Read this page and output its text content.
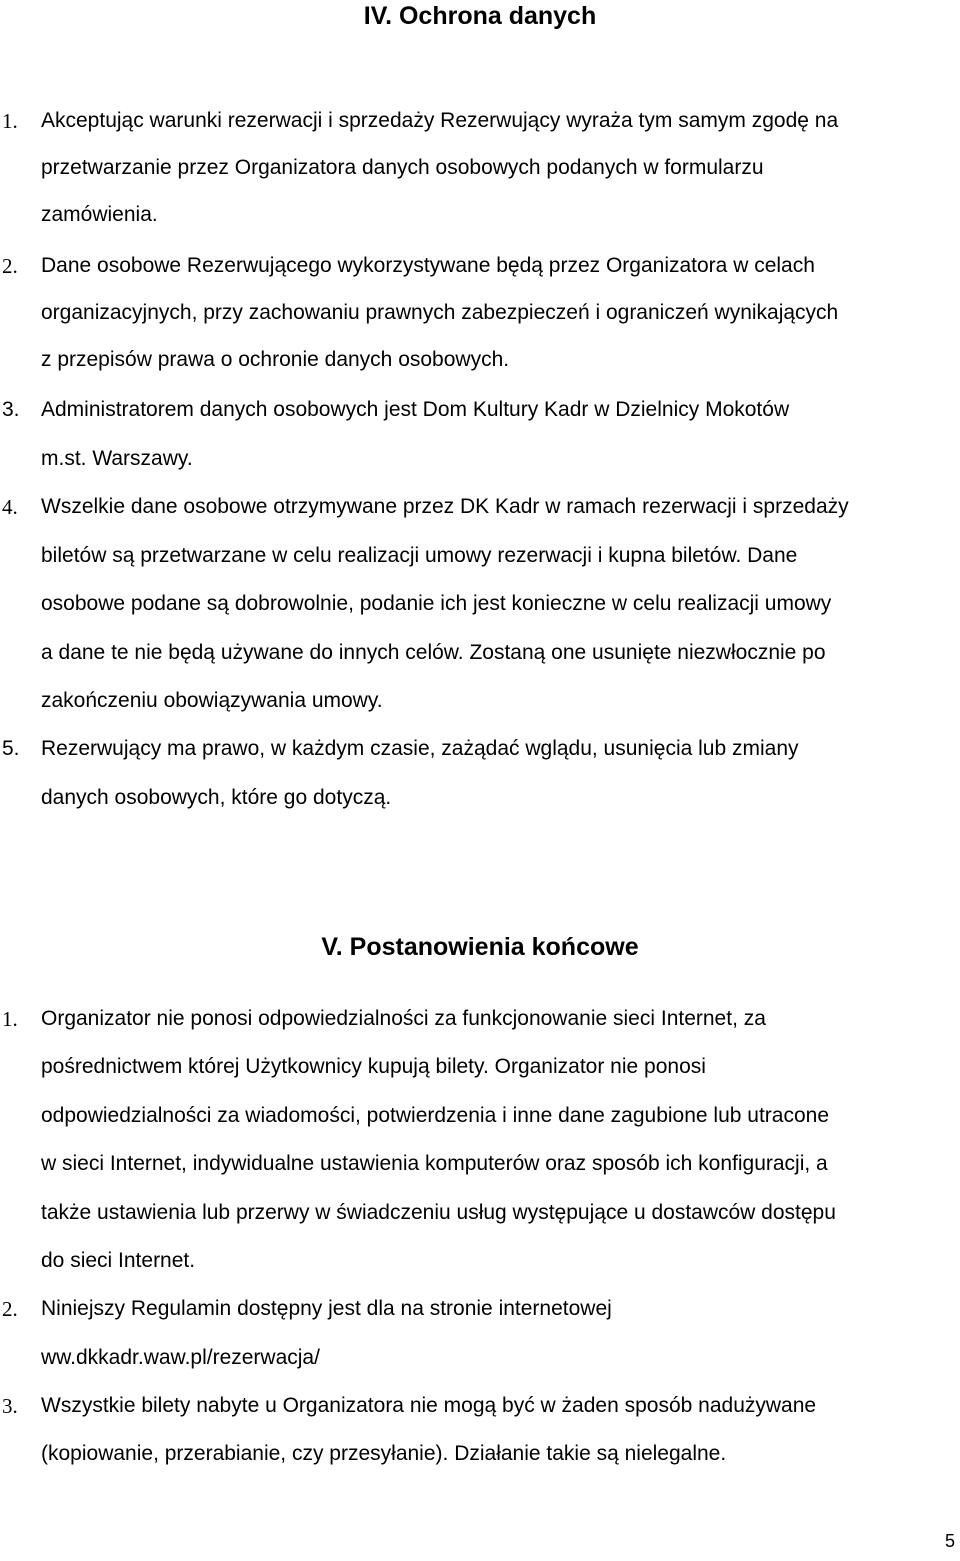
IV. Ochrona danych
1. Akceptując warunki rezerwacji i sprzedaży Rezerwujący wyraża tym samym zgodę na
przetwarzanie przez Organizatora danych osobowych podanych w formularzu
zamówienia.
2. Dane osobowe Rezerwującego wykorzystywane będą przez Organizatora w celach
organizacyjnych, przy zachowaniu prawnych zabezpieczeń i ograniczeń wynikających
z przepisów prawa o ochronie danych osobowych.
3. Administratorem danych osobowych jest Dom Kultury Kadr w Dzielnicy Mokotów
m.st. Warszawy.
4. Wszelkie dane osobowe otrzymywane przez DK Kadr w ramach rezerwacji i sprzedaży
biletów są przetwarzane w celu realizacji umowy rezerwacji i kupna biletów. Dane
osobowe podane są dobrowolnie, podanie ich jest konieczne w celu realizacji umowy
a dane te nie będą używane do innych celów. Zostaną one usunięte niezwłocznie po
zakończeniu obowiązywania umowy.
5. Rezerwujący ma prawo, w każdym czasie, zażądać wglądu, usunięcia lub zmiany
danych osobowych, które go dotyczą.
V. Postanowienia końcowe
1. Organizator nie ponosi odpowiedzialności za funkcjonowanie sieci Internet, za
pośrednictwem której Użytkownicy kupują bilety. Organizator nie ponosi
odpowiedzialności za wiadomości, potwierdzenia i inne dane zagubione lub utracone
w sieci Internet, indywidualne ustawienia komputerów oraz sposób ich konfiguracji, a
także ustawienia lub przerwy w świadczeniu usług występujące u dostawców dostępu
do sieci Internet.
2. Niniejszy Regulamin dostępny jest dla na stronie internetowej
ww.dkkadr.waw.pl/rezerwacja/
3. Wszystkie bilety nabyte u Organizatora nie mogą być w żaden sposób nadużywane
(kopiowanie, przerabianie, czy przesyłanie). Działanie takie są nielegalne.
5
